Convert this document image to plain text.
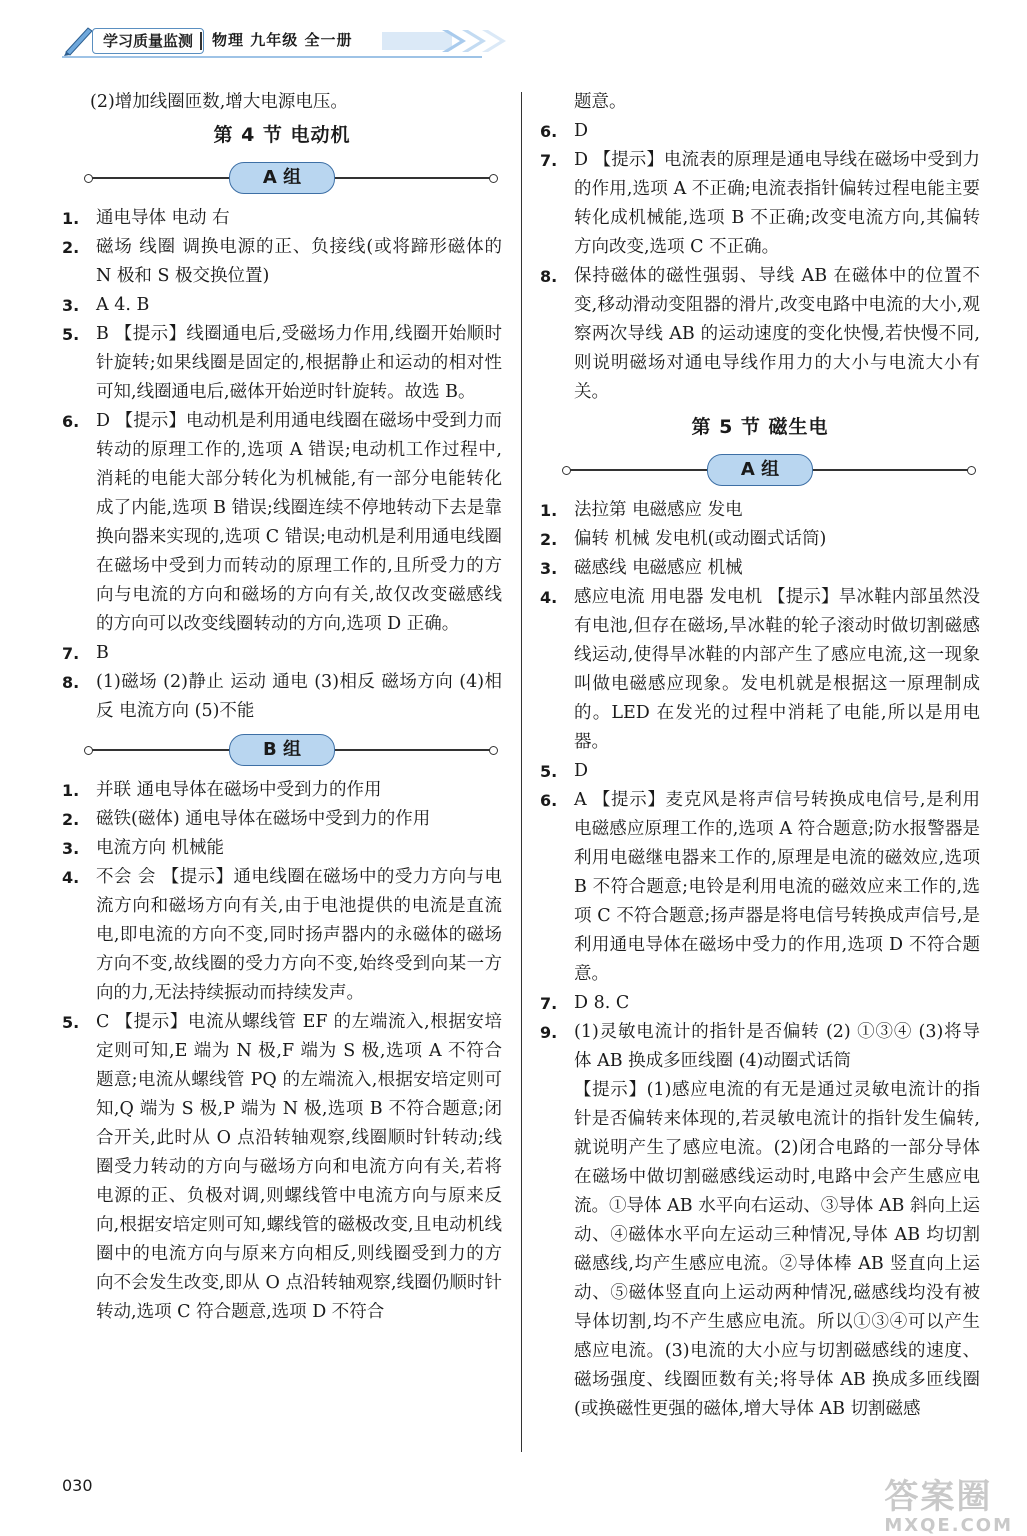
学习质量监测	物理 九年级 全一册
(2)增加线圈匝数,增大电源电压。
第 4 节 电动机
A 组
1. 通电导体 电动 右
2. 磁场 线圈 调换电源的正、负接线(或将蹄形磁体的 N 极和 S 极交换位置)
3. A 4. B
5. B 【提示】线圈通电后,受磁场力作用,线圈开始顺时针旋转;如果线圈是固定的,根据静止和运动的相对性可知,线圈通电后,磁体开始逆时针旋转。故选 B。
6. D 【提示】电动机是利用通电线圈在磁场中受到力而转动的原理工作的,选项 A 错误;电动机工作过程中,消耗的电能大部分转化为机械能,有一部分电能转化成了内能,选项 B 错误;线圈连续不停地转动下去是靠换向器来实现的,选项 C 错误;电动机是利用通电线圈在磁场中受到力而转动的原理工作的,且所受力的方向与电流的方向和磁场的方向有关,故仅改变磁感线的方向可以改变线圈转动的方向,选项 D 正确。
7. B
8. (1)磁场 (2)静止 运动 通电 (3)相反 磁场方向 (4)相反 电流方向 (5)不能
B 组
1. 并联 通电导体在磁场中受到力的作用
2. 磁铁(磁体) 通电导体在磁场中受到力的作用
3. 电流方向 机械能
4. 不会 会 【提示】通电线圈在磁场中的受力方向与电流方向和磁场方向有关,由于电池提供的电流是直流电,即电流的方向不变,同时扬声器内的永磁体的磁场方向不变,故线圈的受力方向不变,始终受到向某一方向的力,无法持续振动而持续发声。
5. C 【提示】电流从螺线管 EF 的左端流入,根据安培定则可知,E 端为 N 极,F 端为 S 极,选项 A 不符合题意;电流从螺线管 PQ 的左端流入,根据安培定则可知,Q 端为 S 极,P 端为 N 极,选项 B 不符合题意;闭合开关,此时从 O 点沿转轴观察,线圈顺时针转动;线圈受力转动的方向与磁场方向和电流方向有关,若将电源的正、负极对调,则螺线管中电流方向与原来反向,根据安培定则可知,螺线管的磁极改变,且电动机线圈中的电流方向与原来方向相反,则线圈受到力的方向不会发生改变,即从 O 点沿转轴观察,线圈仍顺时针转动,选项 C 符合题意,选项 D 不符合
题意。
6. D
7. D 【提示】电流表的原理是通电导线在磁场中受到力的作用,选项 A 不正确;电流表指针偏转过程电能主要转化成机械能,选项 B 不正确;改变电流方向,其偏转方向改变,选项 C 不正确。
8. 保持磁体的磁性强弱、导线 AB 在磁体中的位置不变,移动滑动变阻器的滑片,改变电路中电流的大小,观察两次导线 AB 的运动速度的变化快慢,若快慢不同,则说明磁场对通电导线作用力的大小与电流大小有关。
第 5 节 磁生电
A 组
1. 法拉第 电磁感应 发电
2. 偏转 机械 发电机(或动圈式话筒)
3. 磁感线 电磁感应 机械
4. 感应电流 用电器 发电机 【提示】旱冰鞋内部虽然没有电池,但存在磁场,旱冰鞋的轮子滚动时做切割磁感线运动,使得旱冰鞋的内部产生了感应电流,这一现象叫做电磁感应现象。发电机就是根据这一原理制成的。LED 在发光的过程中消耗了电能,所以是用电器。
5. D
6. A 【提示】麦克风是将声信号转换成电信号,是利用电磁感应原理工作的,选项 A 符合题意;防水报警器是利用电磁继电器来工作的,原理是电流的磁效应,选项 B 不符合题意;电铃是利用电流的磁效应来工作的,选项 C 不符合题意;扬声器是将电信号转换成声信号,是利用通电导体在磁场中受力的作用,选项 D 不符合题意。
7. D 8. C
9. (1)灵敏电流计的指针是否偏转 (2) ①③④ (3)将导体 AB 换成多匝线圈 (4)动圈式话筒
【提示】(1)感应电流的有无是通过灵敏电流计的指针是否偏转来体现的,若灵敏电流计的指针发生偏转,就说明产生了感应电流。(2)闭合电路的一部分导体在磁场中做切割磁感线运动时,电路中会产生感应电流。①导体 AB 水平向右运动、③导体 AB 斜向上运动、④磁体水平向左运动三种情况,导体 AB 均切割磁感线,均产生感应电流。②导体棒 AB 竖直向上运动、⑤磁体竖直向上运动两种情况,磁感线均没有被导体切割,均不产生感应电流。所以①③④可以产生感应电流。(3)电流的大小应与切割磁感线的速度、磁场强度、线圈匝数有关;将导体 AB 换成多匝线圈(或换磁性更强的磁体,增大导体 AB 切割磁感
030	答案圈
MXQE.COM
